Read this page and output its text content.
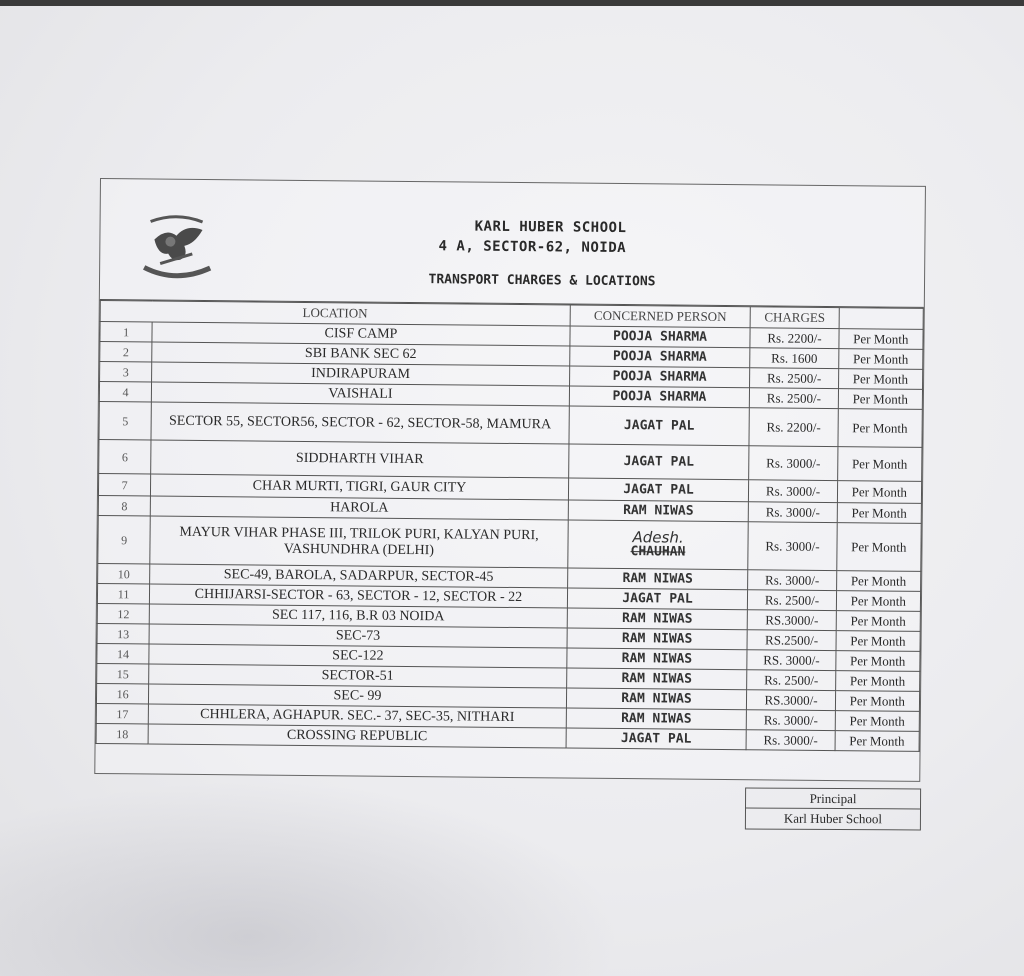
KARL HUBER SCHOOL
4 A, SECTOR-62, NOIDA
TRANSPORT CHARGES & LOCATIONS
LOCATION		CONCERNED PERSON	CHARGES	
1	CISF CAMP	POOJA SHARMA	Rs. 2200/-	Per Month
2	SBI BANK SEC 62	POOJA SHARMA	Rs. 1600	Per Month
3	INDIRAPURAM	POOJA SHARMA	Rs. 2500/-	Per Month
4	VAISHALI	POOJA SHARMA	Rs. 2500/-	Per Month
5	SECTOR 55, SECTOR56, SECTOR - 62, SECTOR-58, MAMURA	JAGAT PAL	Rs. 2200/-	Per Month
6	SIDDHARTH VIHAR	JAGAT PAL	Rs. 3000/-	Per Month
7	CHAR MURTI, TIGRI, GAUR CITY	JAGAT PAL	Rs. 3000/-	Per Month
8	HAROLA	RAM NIWAS	Rs. 3000/-	Per Month
9	MAYUR VIHAR PHASE III, TRILOK PURI, KALYAN PURI, VASHUNDHRA (DELHI)	Adesh.
CHAUHAN	Rs. 3000/-	Per Month
10	SEC-49, BAROLA, SADARPUR, SECTOR-45	RAM NIWAS	Rs. 3000/-	Per Month
11	CHHIJARSI-SECTOR - 63, SECTOR - 12, SECTOR - 22	JAGAT PAL	Rs. 2500/-	Per Month
12	SEC 117, 116, B.R 03 NOIDA	RAM NIWAS	RS.3000/-	Per Month
13	SEC-73	RAM NIWAS	RS.2500/-	Per Month
14	SEC-122	RAM NIWAS	RS. 3000/-	Per Month
15	SECTOR-51	RAM NIWAS	Rs. 2500/-	Per Month
16	SEC- 99	RAM NIWAS	RS.3000/-	Per Month
17	CHHLERA, AGHAPUR. SEC.- 37, SEC-35, NITHARI	RAM NIWAS	Rs. 3000/-	Per Month
18	CROSSING REPUBLIC	JAGAT PAL	Rs. 3000/-	Per Month
Principal
Karl Huber School
